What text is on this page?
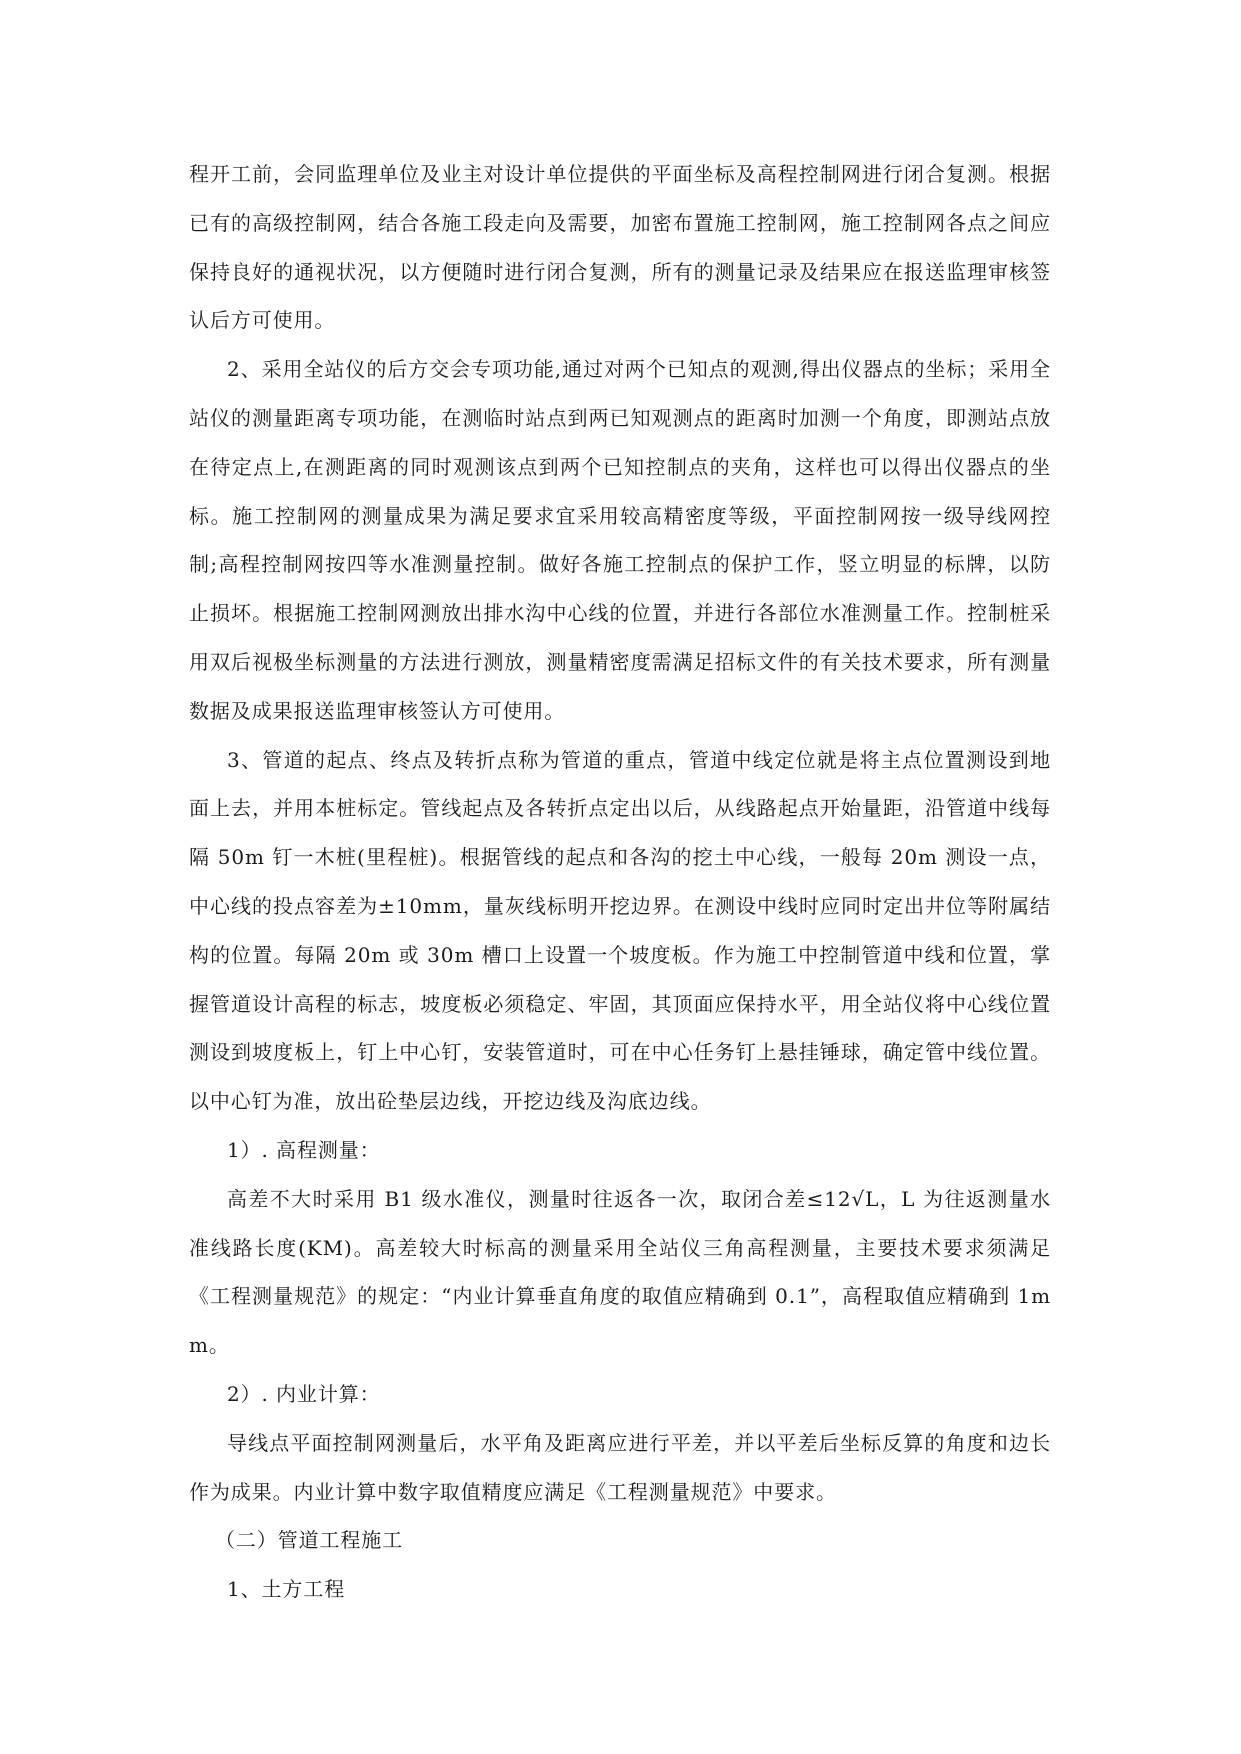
程开工前，会同监理单位及业主对设计单位提供的平面坐标及高程控制网进行闭合复测。根据已有的高级控制网，结合各施工段走向及需要，加密布置施工控制网，施工控制网各点之间应保持良好的通视状况，以方便随时进行闭合复测，所有的测量记录及结果应在报送监理审核签认后方可使用。

2、采用全站仪的后方交会专项功能,通过对两个已知点的观测,得出仪器点的坐标；采用全站仪的测量距离专项功能，在测临时站点到两已知观测点的距离时加测一个角度，即测站点放在待定点上,在测距离的同时观测该点到两个已知控制点的夹角，这样也可以得出仪器点的坐标。施工控制网的测量成果为满足要求宜采用较高精密度等级，平面控制网按一级导线网控制;高程控制网按四等水准测量控制。做好各施工控制点的保护工作，竖立明显的标牌，以防止损坏。根据施工控制网测放出排水沟中心线的位置，并进行各部位水准测量工作。控制桩采用双后视极坐标测量的方法进行测放，测量精密度需满足招标文件的有关技术要求，所有测量数据及成果报送监理审核签认方可使用。

3、管道的起点、终点及转折点称为管道的重点，管道中线定位就是将主点位置测设到地面上去，并用本桩标定。管线起点及各转折点定出以后，从线路起点开始量距，沿管道中线每隔 50m 钉一木桩(里程桩)。根据管线的起点和各沟的挖土中心线，一般每 20m 测设一点，中心线的投点容差为±10mm，量灰线标明开挖边界。在测设中线时应同时定出井位等附属结构的位置。每隔 20m 或 30m 槽口上设置一个坡度板。作为施工中控制管道中线和位置，掌握管道设计高程的标志，坡度板必须稳定、牢固，其顶面应保持水平，用全站仪将中心线位置测设到坡度板上，钉上中心钉，安装管道时，可在中心任务钉上悬挂锤球，确定管中线位置。以中心钉为准，放出砼垫层边线，开挖边线及沟底边线。

1）. 高程测量：

高差不大时采用 B1 级水准仪，测量时往返各一次，取闭合差≤12√L，L 为往返测量水准线路长度(KM)。高差较大时标高的测量采用全站仪三角高程测量，主要技术要求须满足《工程测量规范》的规定：“内业计算垂直角度的取值应精确到 0.1”，高程取值应精确到 1mm。

2）. 内业计算：

导线点平面控制网测量后，水平角及距离应进行平差，并以平差后坐标反算的角度和边长作为成果。内业计算中数字取值精度应满足《工程测量规范》中要求。

（二）管道工程施工

1、土方工程
